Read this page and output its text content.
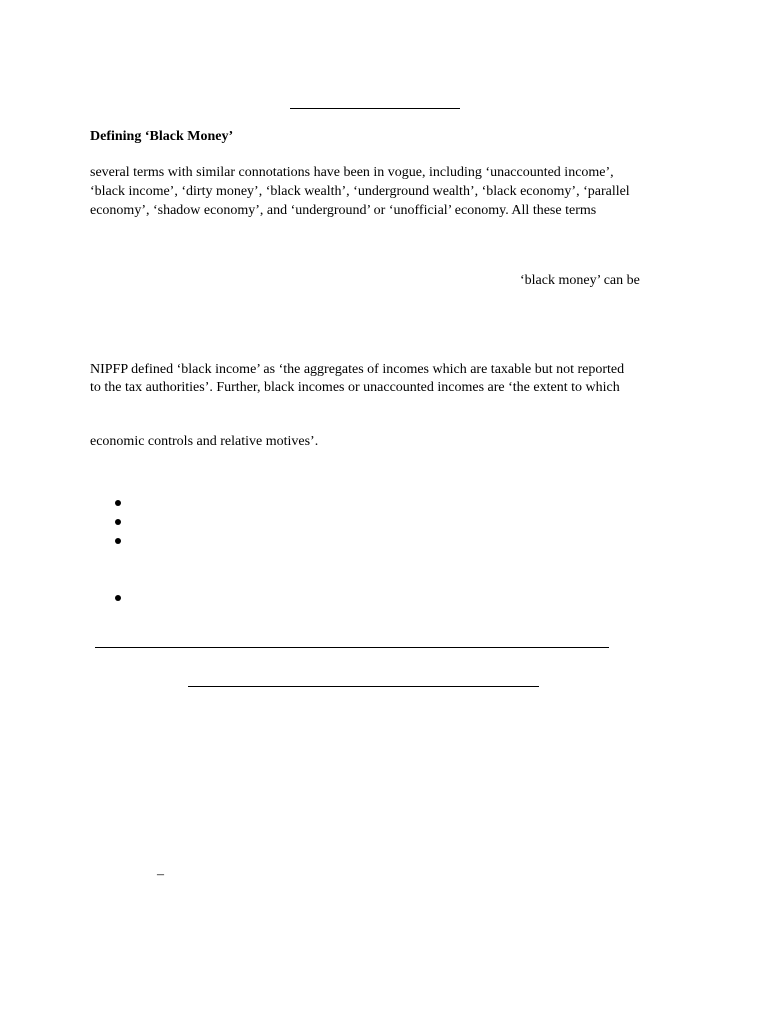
Defining ‘Black Money’
several terms with similar connotations have been in vogue, including ‘unaccounted income’,
‘black income’, ‘dirty money’, ‘black wealth’, ‘underground wealth’, ‘black economy’, ‘parallel
economy’, ‘shadow economy’, and ‘underground’ or ‘unofficial’ economy. All these terms
‘black money’ can be
NIPFP defined ‘black income’ as ‘the aggregates of incomes which are taxable but not reported
to the tax authorities’. Further, black incomes or unaccounted incomes are ‘the extent to which
economic controls and relative motives’.
–
